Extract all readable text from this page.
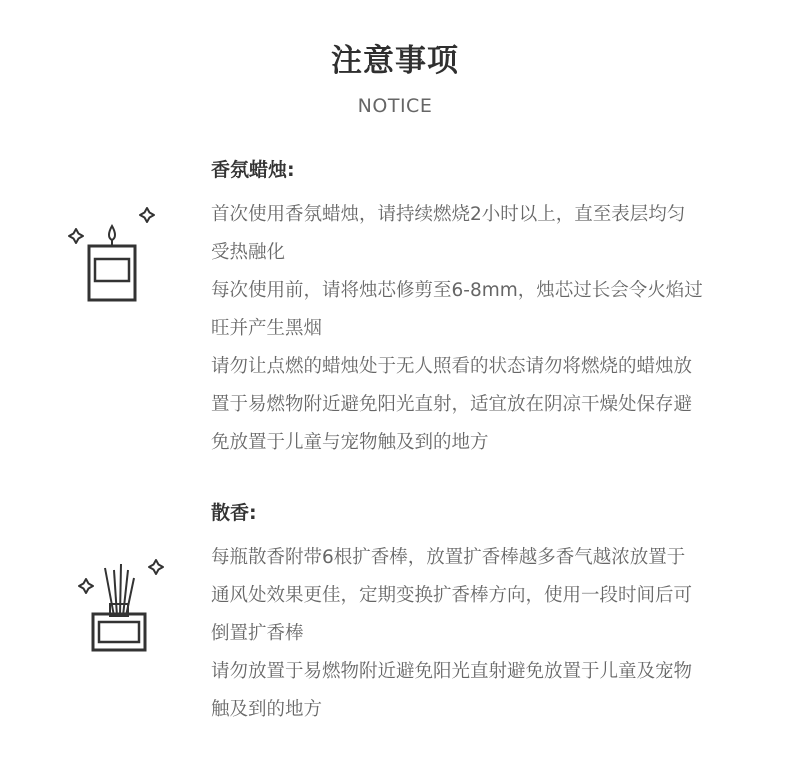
注意事项
NOTICE
香氛蜡烛:
首次使用香氛蜡烛，请持续燃烧2小时以上，直至表层均匀
受热融化
每次使用前，请将烛芯修剪至6-8mm，烛芯过长会令火焰过
旺并产生黑烟
请勿让点燃的蜡烛处于无人照看的状态请勿将燃烧的蜡烛放
置于易燃物附近避免阳光直射，适宜放在阴凉干燥处保存避
免放置于儿童与宠物触及到的地方
散香:
每瓶散香附带6根扩香棒，放置扩香棒越多香气越浓放置于
通风处效果更佳，定期变换扩香棒方向，使用一段时间后可
倒置扩香棒
请勿放置于易燃物附近避免阳光直射避免放置于儿童及宠物
触及到的地方
